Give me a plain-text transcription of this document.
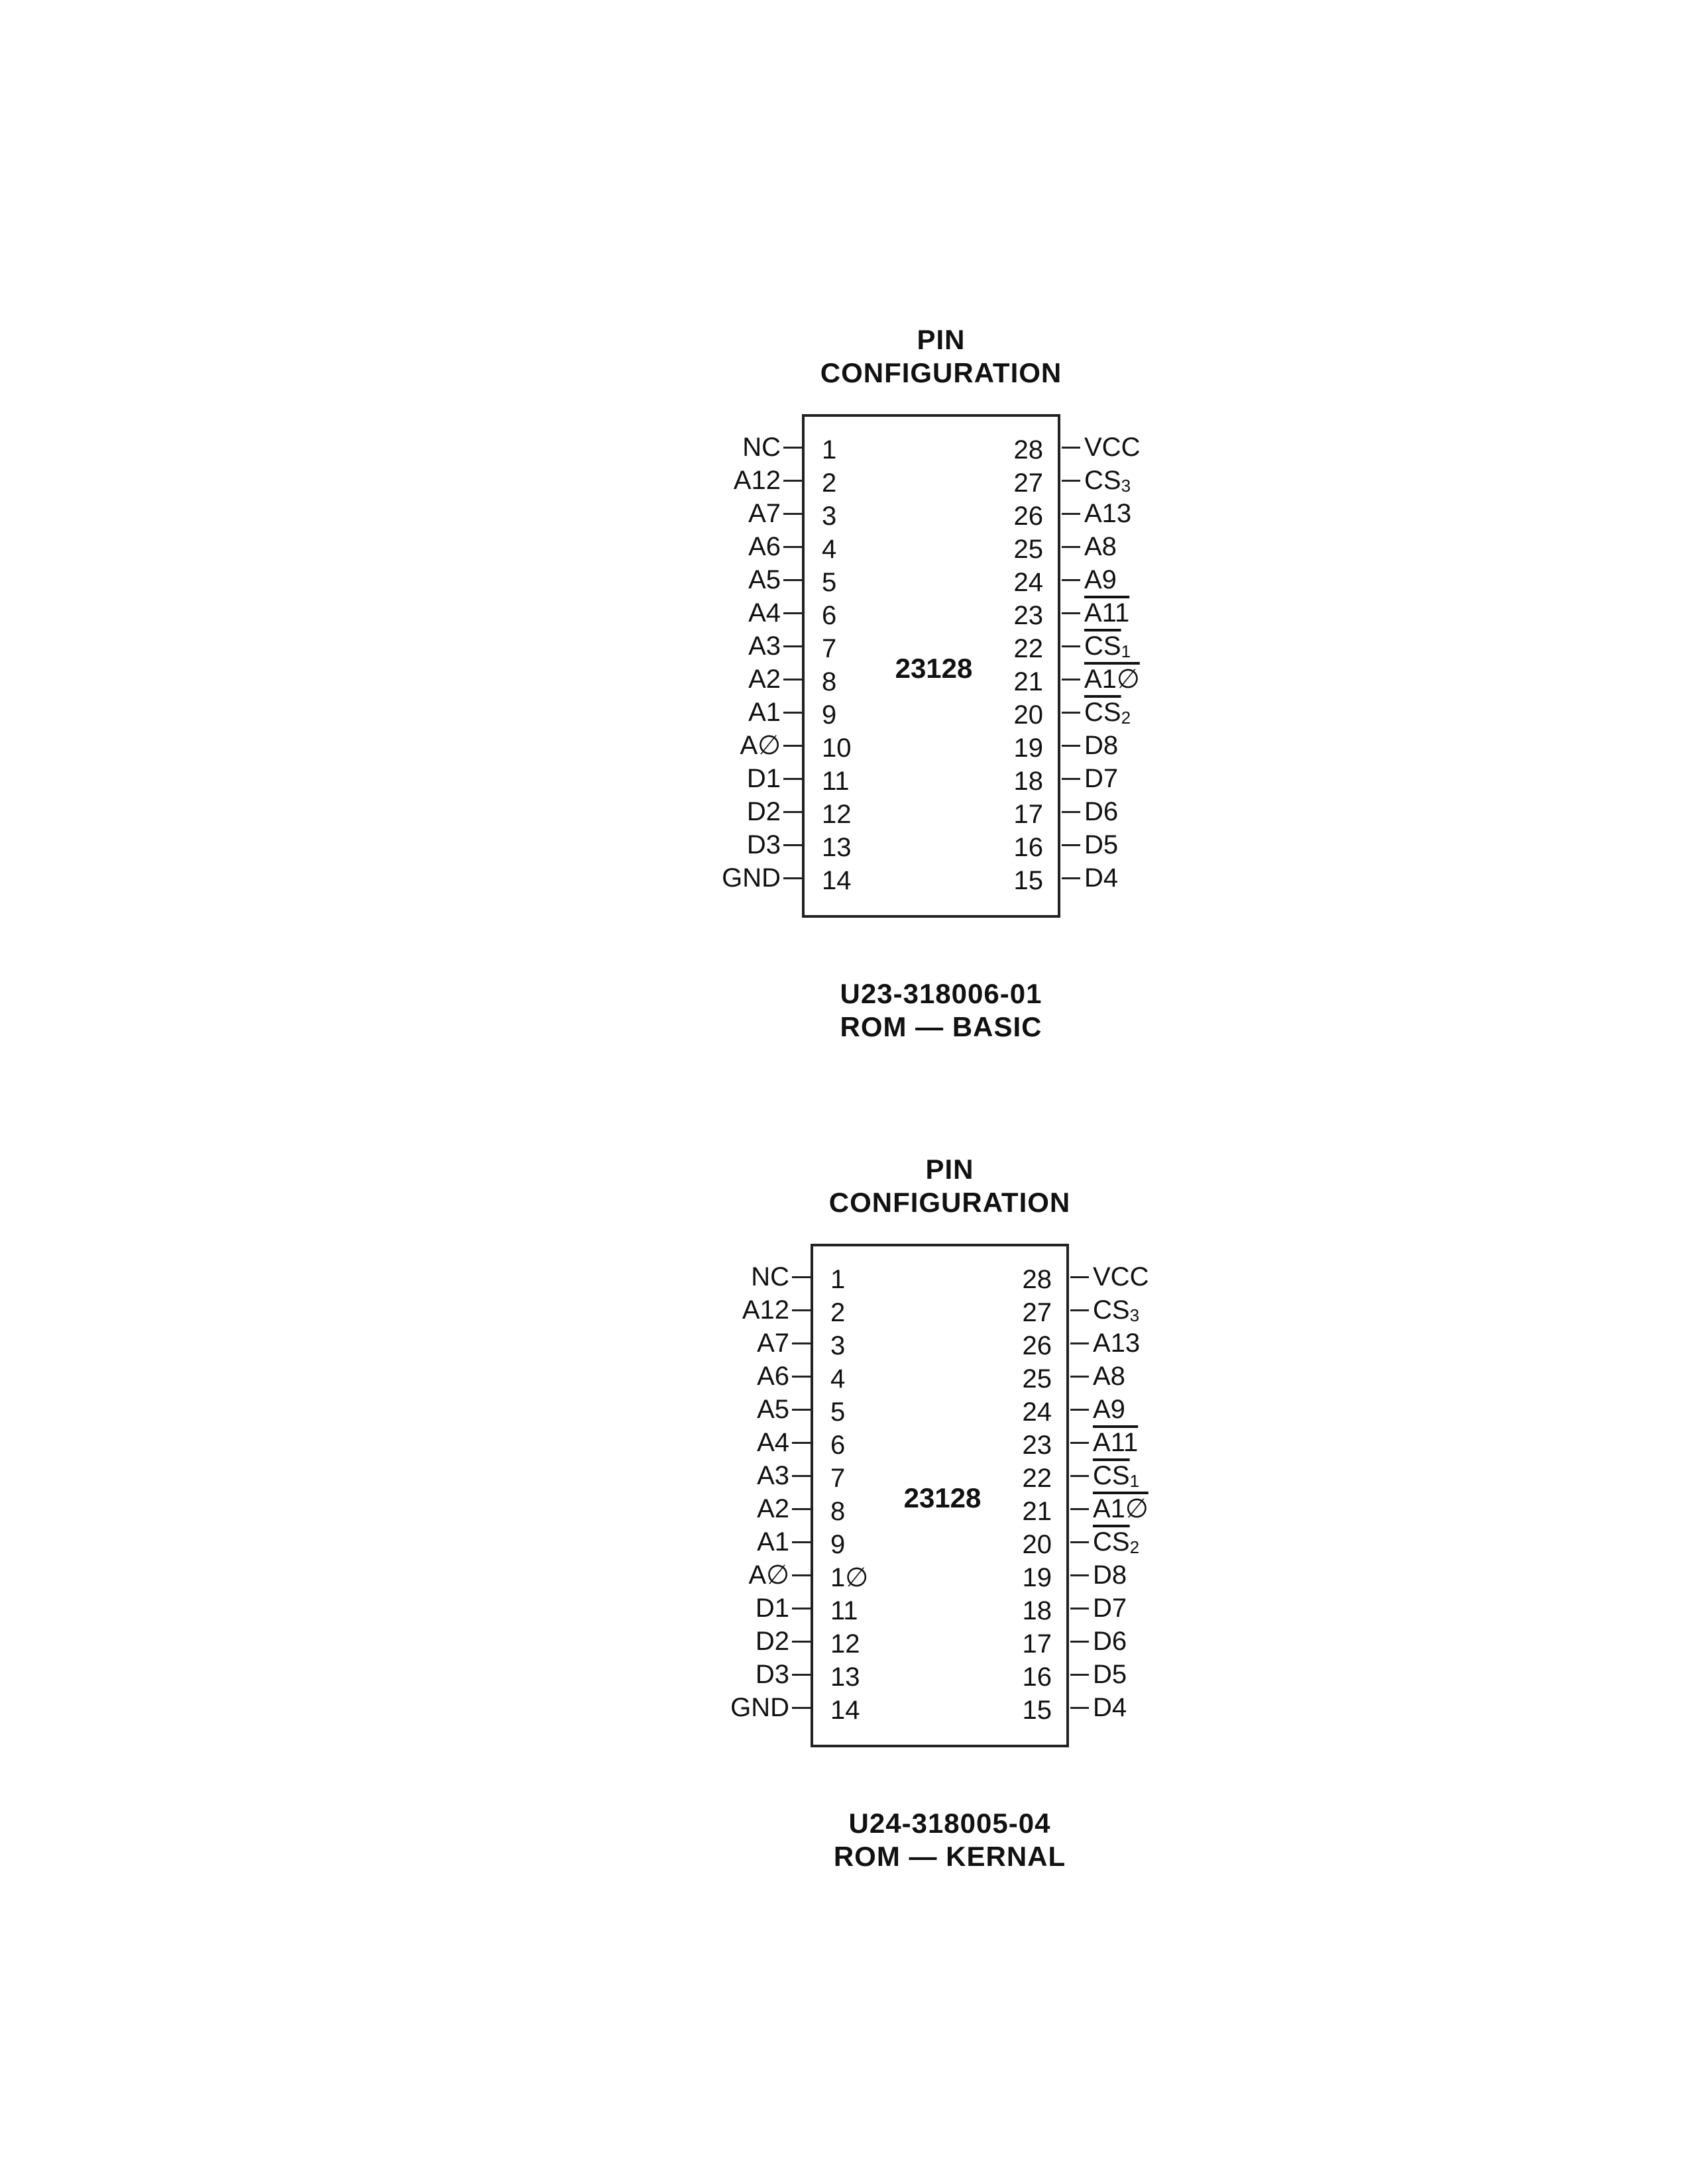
PIN
CONFIGURATION
NC
A12
A7
A6
A5
A4
A3
A2
A1
A∅
D1
D2
D3
GND
VCC
CS3
A13
A8
A9
A11
$\overline{CS}1$
A1∅
$\overline{CS}2$
D8
D7
D6
D5
D4
23128
1
2
3
4
5
6
7
8
9
10
11
12
13
14
28
27
26
25
24
23
22
21
20
19
18
17
16
15
U23-318006-01
ROM — BASIC
PIN
CONFIGURATION
NC
A12
A7
A6
A5
A4
A3
A2
A1
A∅
D1
D2
D3
GND
VCC
CS3
A13
A8
A9
A11
$\overline{CS}1$
A1∅
$\overline{CS}2$
D8
D7
D6
D5
D4
23128
1
2
3
4
5
6
7
8
9
1∅
11
12
13
14
28
27
26
25
24
23
22
21
20
19
18
17
16
15
U24-318005-04
ROM — KERNAL
